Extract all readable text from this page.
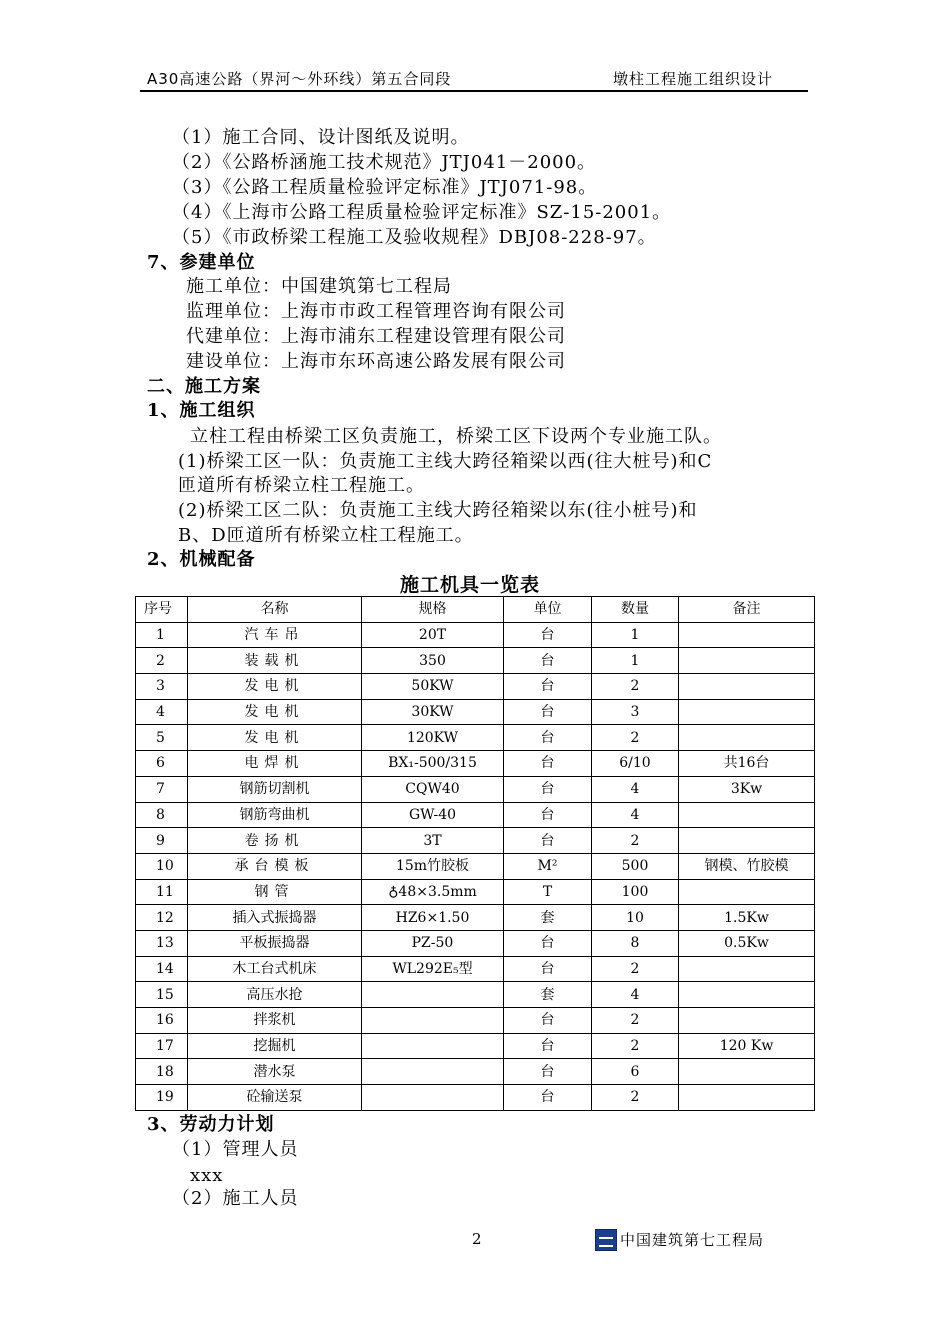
A30高速公路（界河～外环线）第五合同段	墩柱工程施工组织设计
（1）施工合同、设计图纸及说明。
（2）《公路桥涵施工技术规范》JTJ041－2000。
（3）《公路工程质量检验评定标准》JTJ071-98。
（4）《上海市公路工程质量检验评定标准》SZ-15-2001。
（5）《市政桥梁工程施工及验收规程》DBJ08-228-97。
7、参建单位
施工单位：中国建筑第七工程局
监理单位：上海市市政工程管理咨询有限公司
代建单位：上海市浦东工程建设管理有限公司
建设单位：上海市东环高速公路发展有限公司
二、施工方案
1、施工组织
立柱工程由桥梁工区负责施工，桥梁工区下设两个专业施工队。
(1)桥梁工区一队：负责施工主线大跨径箱梁以西(往大桩号)和C
匝道所有桥梁立柱工程施工。
(2)桥梁工区二队：负责施工主线大跨径箱梁以东(往小桩号)和
B、D匝道所有桥梁立柱工程施工。
2、机械配备
施工机具一览表
序号	名称	规格	单位	数量	备注
1	汽车吊	20T	台	1	
2	装载机	350	台	1	
3	发电机	50KW	台	2	
4	发电机	30KW	台	3	
5	发电机	120KW	台	2	
6	电焊机	BX₁-500/315	台	6/10	共16台
7	钢筋切割机	CQW40	台	4	3Kw
8	钢筋弯曲机	GW-40	台	4	
9	卷扬机	3T	台	2	
10	承台模板	15m竹胶板	M²	500	钢模、竹胶模
11	钢管	♁48×3.5mm	T	100	
12	插入式振捣器	HZ6×1.50	套	10	1.5Kw
13	平板振捣器	PZ-50	台	8	0.5Kw
14	木工台式机床	WL292E₅型	台	2	
15	高压水抢		套	4	
16	拌浆机		台	2	
17	挖掘机		台	2	120 Kw
18	潜水泵		台	6	
19	砼输送泵		台	2	
3、劳动力计划
（1）管理人员
xxx
（2）施工人员
2	中国建筑第七工程局
